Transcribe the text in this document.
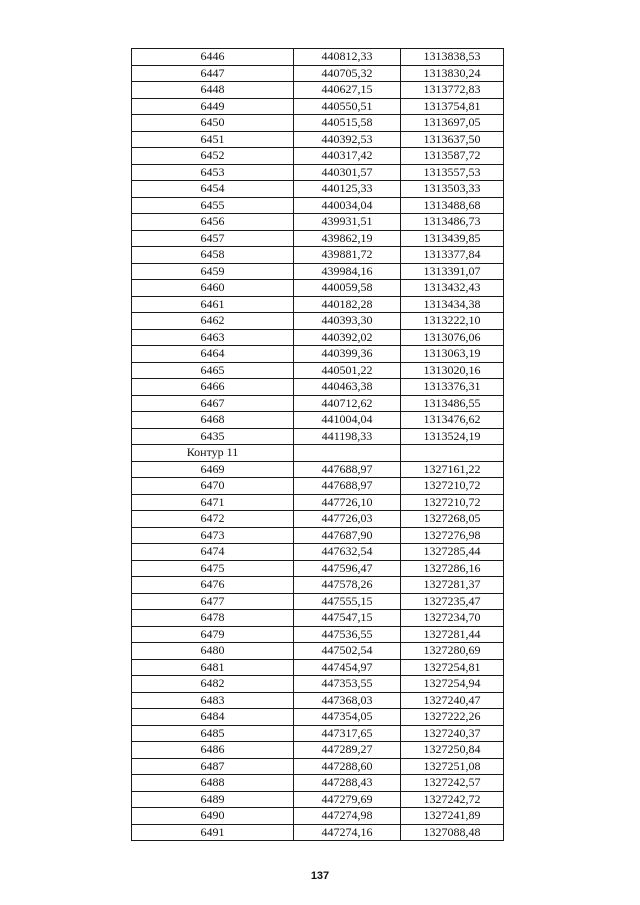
6446	440812,33	1313838,53
6447	440705,32	1313830,24
6448	440627,15	1313772,83
6449	440550,51	1313754,81
6450	440515,58	1313697,05
6451	440392,53	1313637,50
6452	440317,42	1313587,72
6453	440301,57	1313557,53
6454	440125,33	1313503,33
6455	440034,04	1313488,68
6456	439931,51	1313486,73
6457	439862,19	1313439,85
6458	439881,72	1313377,84
6459	439984,16	1313391,07
6460	440059,58	1313432,43
6461	440182,28	1313434,38
6462	440393,30	1313222,10
6463	440392,02	1313076,06
6464	440399,36	1313063,19
6465	440501,22	1313020,16
6466	440463,38	1313376,31
6467	440712,62	1313486,55
6468	441004,04	1313476,62
6435	441198,33	1313524,19
Контур 11		
6469	447688,97	1327161,22
6470	447688,97	1327210,72
6471	447726,10	1327210,72
6472	447726,03	1327268,05
6473	447687,90	1327276,98
6474	447632,54	1327285,44
6475	447596,47	1327286,16
6476	447578,26	1327281,37
6477	447555,15	1327235,47
6478	447547,15	1327234,70
6479	447536,55	1327281,44
6480	447502,54	1327280,69
6481	447454,97	1327254,81
6482	447353,55	1327254,94
6483	447368,03	1327240,47
6484	447354,05	1327222,26
6485	447317,65	1327240,37
6486	447289,27	1327250,84
6487	447288,60	1327251,08
6488	447288,43	1327242,57
6489	447279,69	1327242,72
6490	447274,98	1327241,89
6491	447274,16	1327088,48
137
